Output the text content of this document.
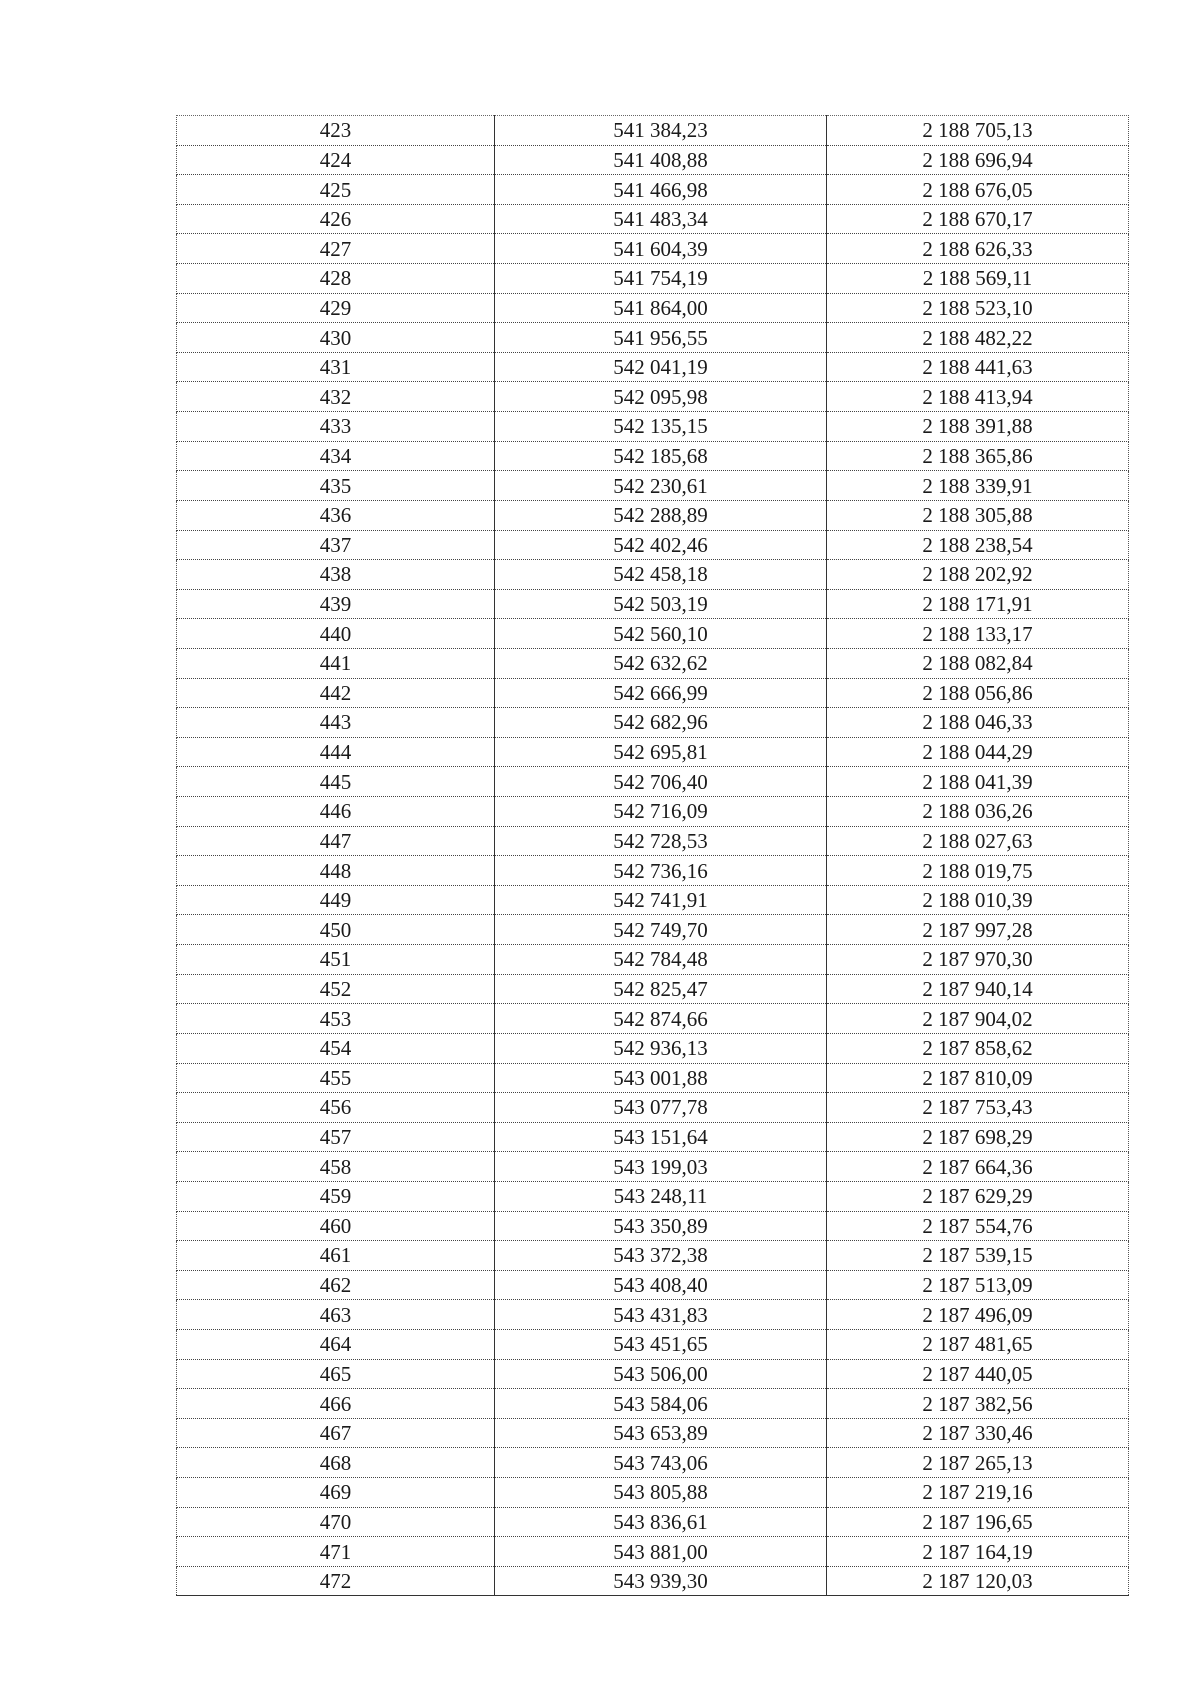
423	541 384,23	2 188 705,13
424	541 408,88	2 188 696,94
425	541 466,98	2 188 676,05
426	541 483,34	2 188 670,17
427	541 604,39	2 188 626,33
428	541 754,19	2 188 569,11
429	541 864,00	2 188 523,10
430	541 956,55	2 188 482,22
431	542 041,19	2 188 441,63
432	542 095,98	2 188 413,94
433	542 135,15	2 188 391,88
434	542 185,68	2 188 365,86
435	542 230,61	2 188 339,91
436	542 288,89	2 188 305,88
437	542 402,46	2 188 238,54
438	542 458,18	2 188 202,92
439	542 503,19	2 188 171,91
440	542 560,10	2 188 133,17
441	542 632,62	2 188 082,84
442	542 666,99	2 188 056,86
443	542 682,96	2 188 046,33
444	542 695,81	2 188 044,29
445	542 706,40	2 188 041,39
446	542 716,09	2 188 036,26
447	542 728,53	2 188 027,63
448	542 736,16	2 188 019,75
449	542 741,91	2 188 010,39
450	542 749,70	2 187 997,28
451	542 784,48	2 187 970,30
452	542 825,47	2 187 940,14
453	542 874,66	2 187 904,02
454	542 936,13	2 187 858,62
455	543 001,88	2 187 810,09
456	543 077,78	2 187 753,43
457	543 151,64	2 187 698,29
458	543 199,03	2 187 664,36
459	543 248,11	2 187 629,29
460	543 350,89	2 187 554,76
461	543 372,38	2 187 539,15
462	543 408,40	2 187 513,09
463	543 431,83	2 187 496,09
464	543 451,65	2 187 481,65
465	543 506,00	2 187 440,05
466	543 584,06	2 187 382,56
467	543 653,89	2 187 330,46
468	543 743,06	2 187 265,13
469	543 805,88	2 187 219,16
470	543 836,61	2 187 196,65
471	543 881,00	2 187 164,19
472	543 939,30	2 187 120,03
